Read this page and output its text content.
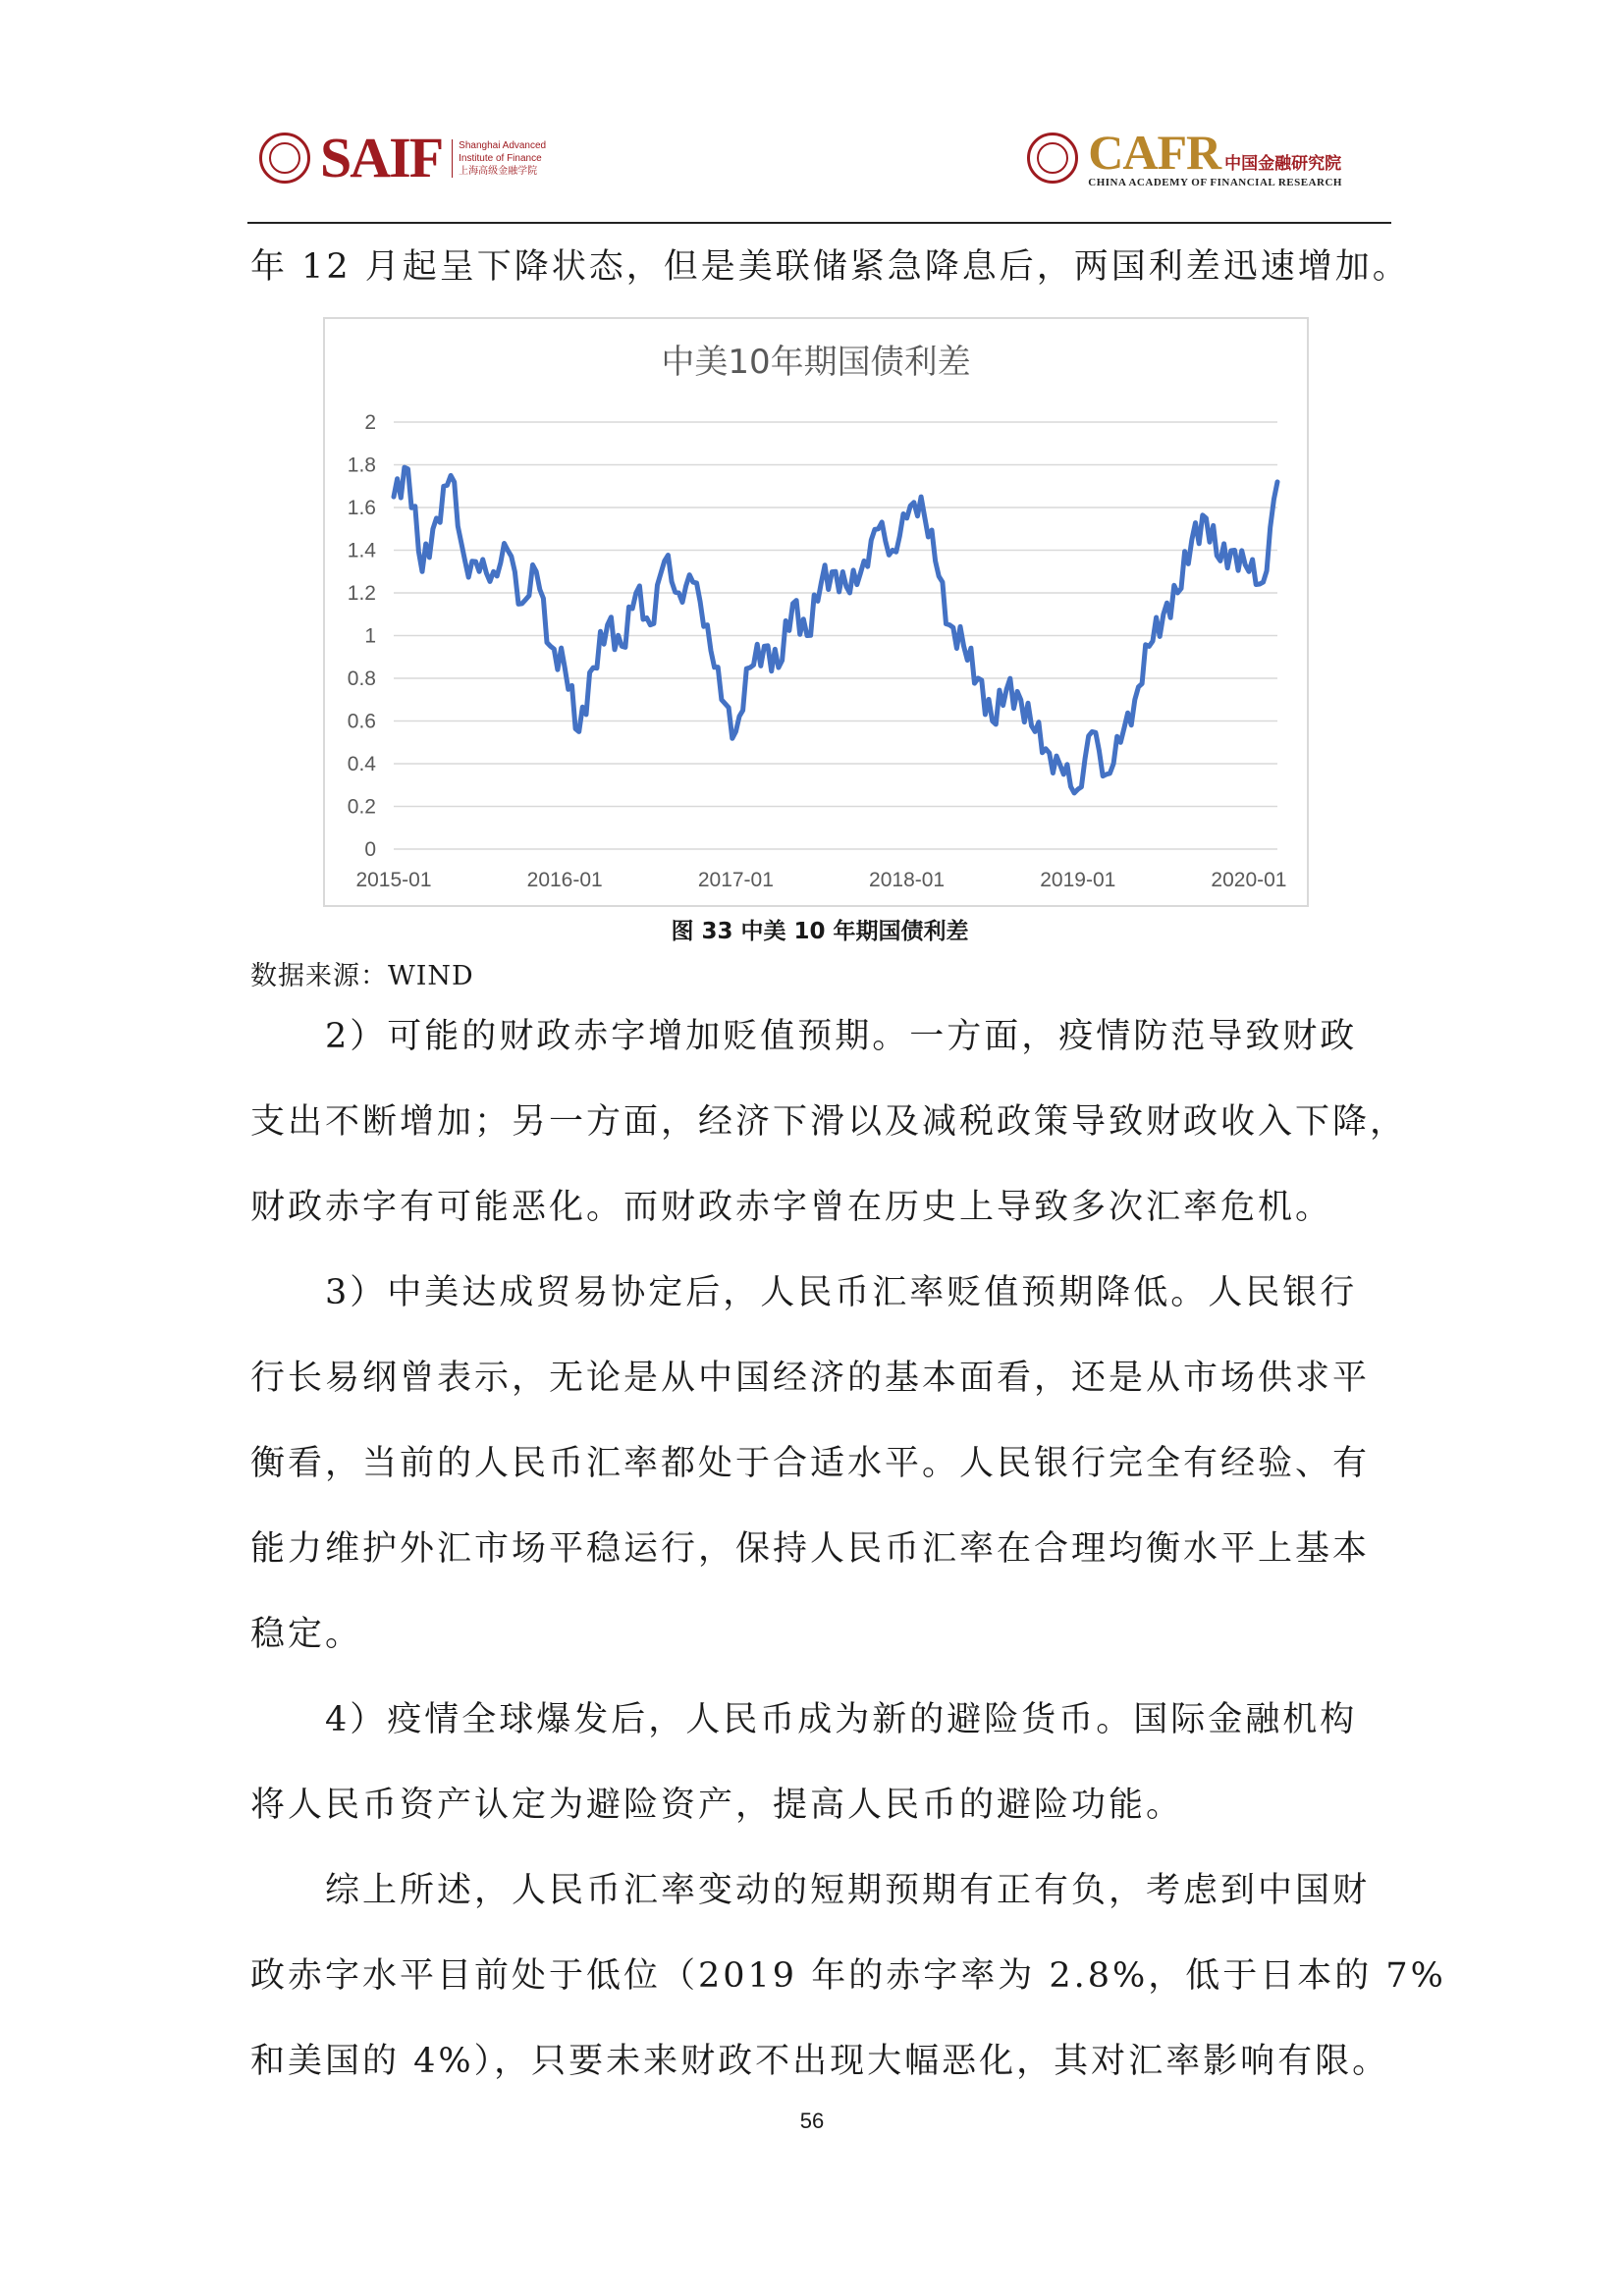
SAIF Shanghai Advanced
Institute of Finance
上海高级金融学院	CAFR 中国金融研究院
CHINA ACADEMY OF FINANCIAL RESEARCH
年 12 月起呈下降状态，但是美联储紧急降息后，两国利差迅速增加。
中美10年期国债利差
0
0.2
0.4
0.6
0.8
1
1.2
1.4
1.6
1.8
2
2015-01	2016-01	2017-01	2018-01	2019-01	2020-01
图 33 中美 10 年期国债利差
数据来源：WIND
　　2）可能的财政赤字增加贬值预期。一方面，疫情防范导致财政
支出不断增加；另一方面，经济下滑以及减税政策导致财政收入下降，
财政赤字有可能恶化。而财政赤字曾在历史上导致多次汇率危机。
　　3）中美达成贸易协定后，人民币汇率贬值预期降低。人民银行
行长易纲曾表示，无论是从中国经济的基本面看，还是从市场供求平
衡看，当前的人民币汇率都处于合适水平。人民银行完全有经验、有
能力维护外汇市场平稳运行，保持人民币汇率在合理均衡水平上基本
稳定。
　　4）疫情全球爆发后，人民币成为新的避险货币。国际金融机构
将人民币资产认定为避险资产，提高人民币的避险功能。
　　综上所述，人民币汇率变动的短期预期有正有负，考虑到中国财
政赤字水平目前处于低位（2019 年的赤字率为 2.8%，低于日本的 7%
和美国的 4%），只要未来财政不出现大幅恶化，其对汇率影响有限。
56
